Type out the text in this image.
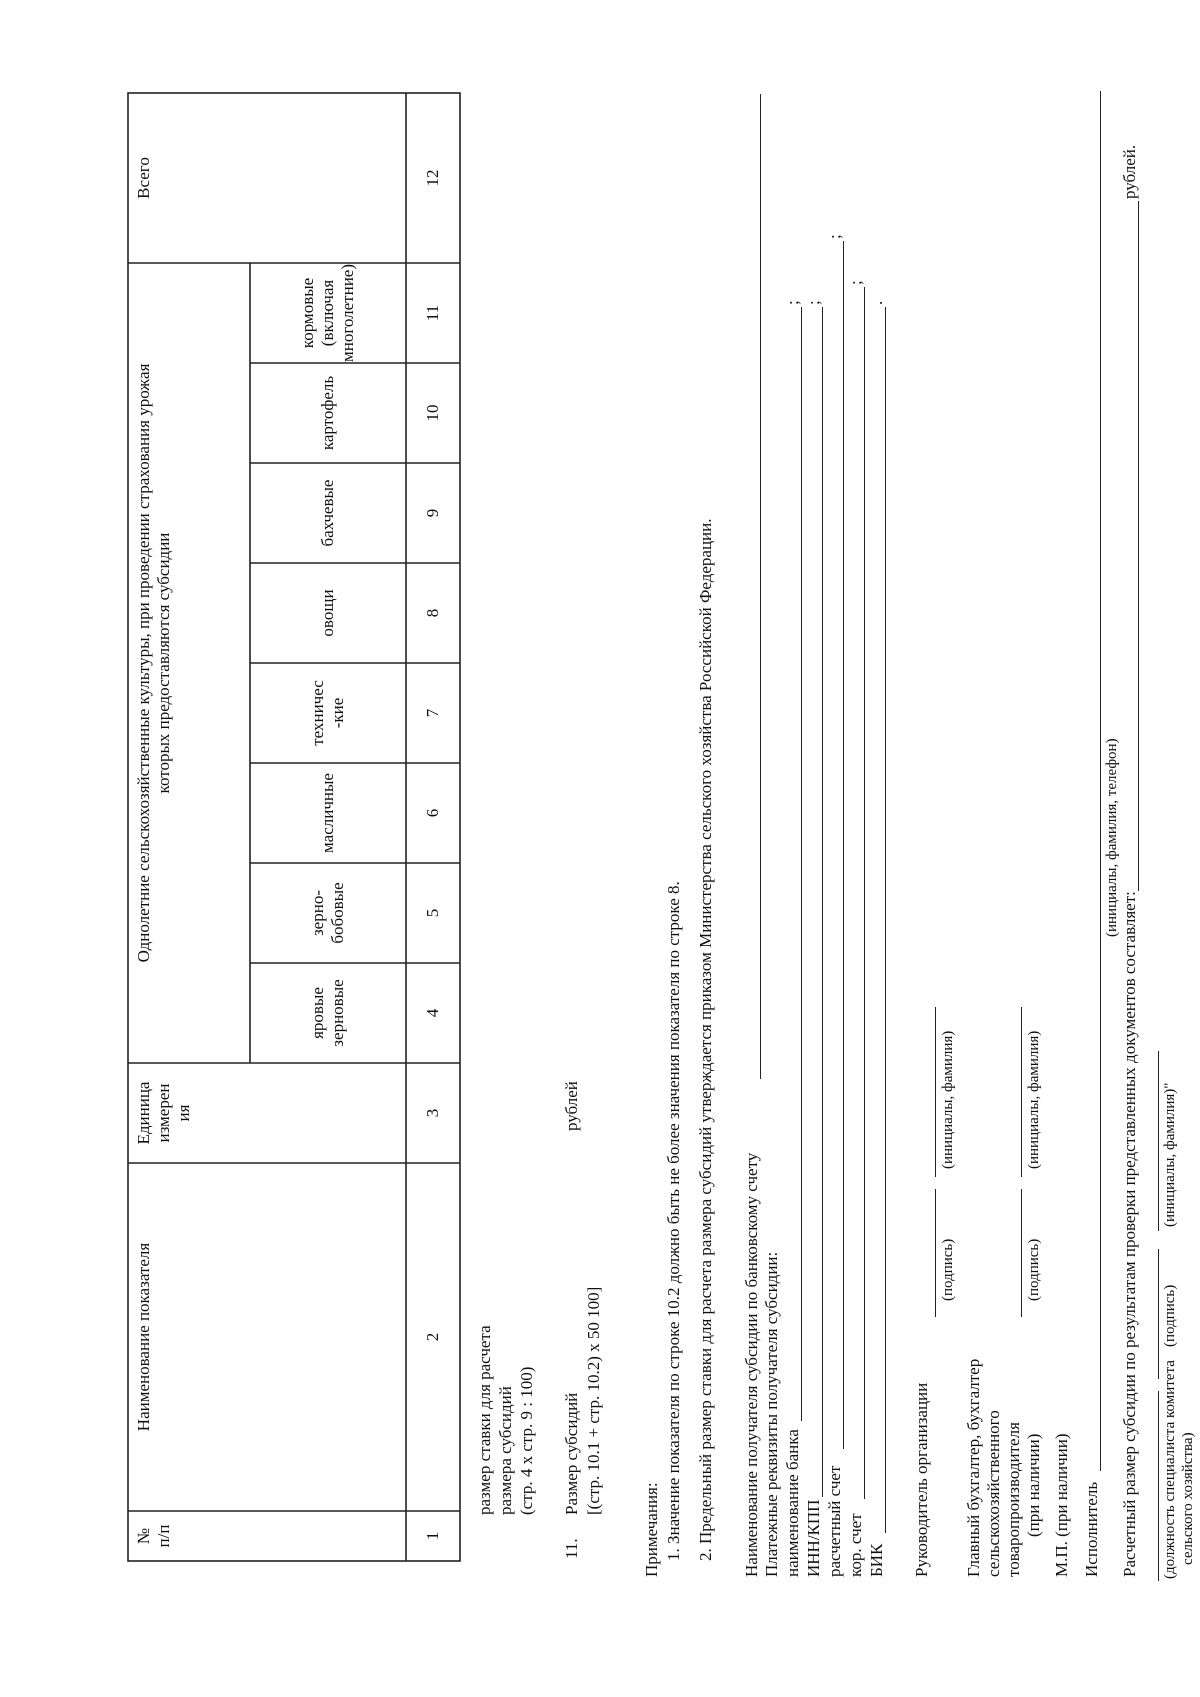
№
п/п
Наименование показателя
Единица
измерен
ия
Однолетние сельскохозяйственные культуры, при проведении страхования урожая
которых предоставляются субсидии
Всего
яровые
зерновые
зерно-
бобовые
масличные
техничес
-кие
овощи
бахчевые
картофель
кормовые
(включая
многолетние)
1
2
3
4
5
6
7
8
9
10
11
12
размер ставки для расчета размера субсидий (стр. 4 х стр. 9 : 100)
11.
Размер субсидий [(стр. 10.1 + стр. 10.2) х 50 100]
рублей
Примечания: 1. Значение показателя по строке 10.2 должно быть не более значения показателя по строке 8. 2. Предельный размер ставки для расчета размера субсидий утверждается приказом Министерства сельского хозяйства Российской Федерации. Наименование получателя субсидии по банковскому счету Платежные реквизиты получателя субсидии: наименование банка
;
ИНН/КПП
;
расчетный счет
;
кор. счет
;
БИК
.
Руководитель организации
(подпись)
(инициалы, фамилия)
Главный бухгалтер, бухгалтер сельскохозяйственного товаропроизводителя (при наличии)
(подпись)
(инициалы, фамилия)
М.П. (при наличии) Исполнитель
(инициалы, фамилия, телефон)
Расчетный размер субсидии по результатам проверки представленных документов составляет:
рублей.
(должность специалиста комитета сельского хозяйства)
(подпись)
(инициалы, фамилия)"
